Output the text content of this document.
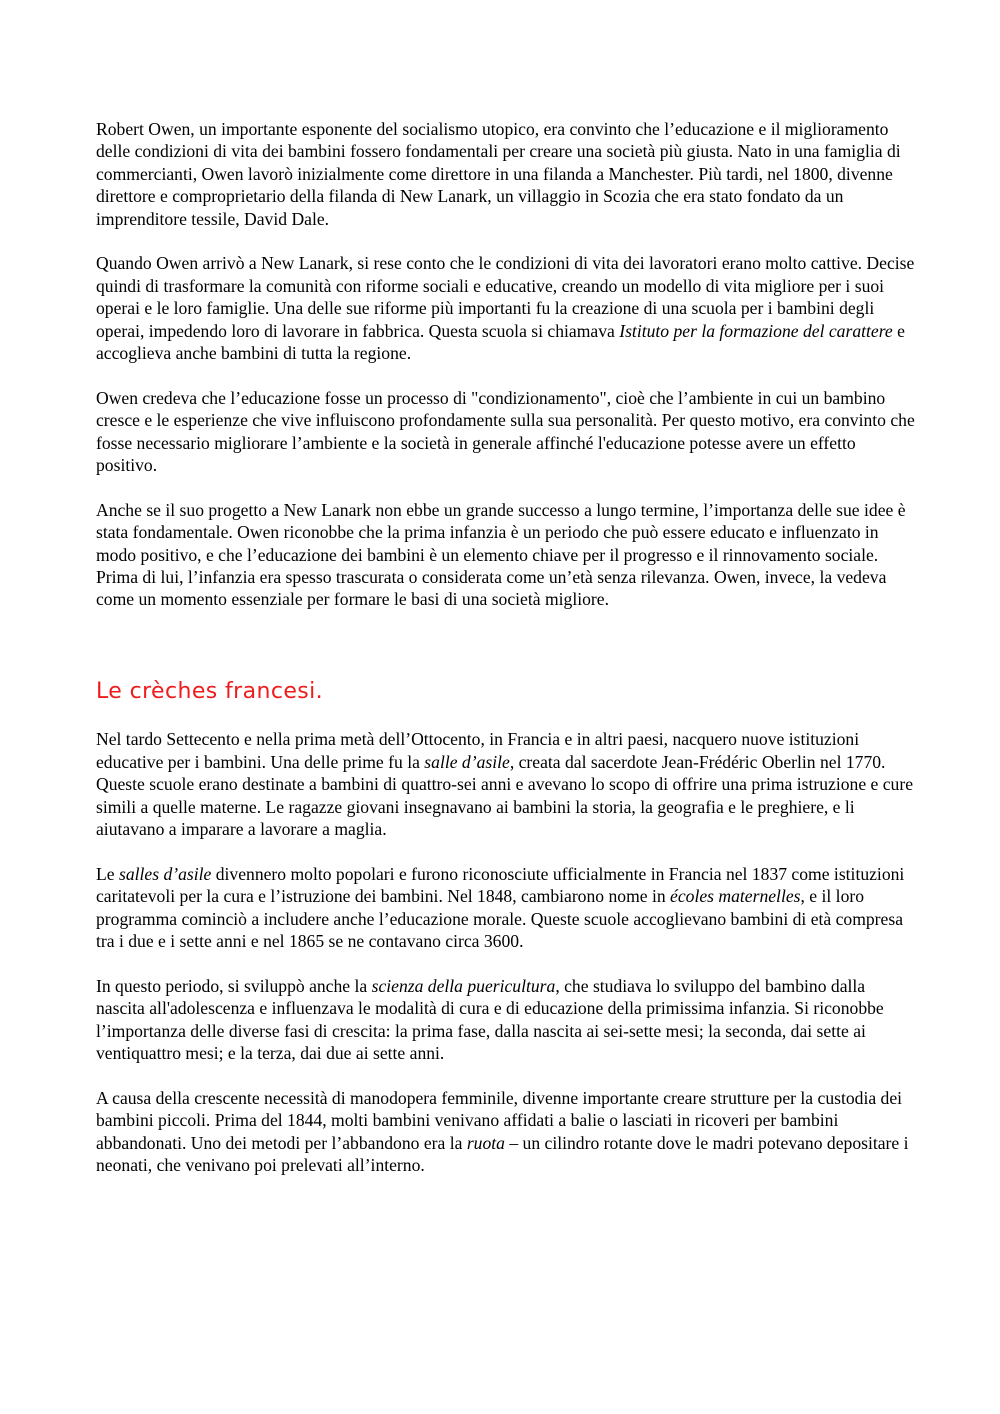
Robert Owen, un importante esponente del socialismo utopico, era convinto che l’educazione e il miglioramento delle condizioni di vita dei bambini fossero fondamentali per creare una società più giusta. Nato in una famiglia di commercianti, Owen lavorò inizialmente come direttore in una filanda a Manchester. Più tardi, nel 1800, divenne direttore e comproprietario della filanda di New Lanark, un villaggio in Scozia che era stato fondato da un imprenditore tessile, David Dale.

Quando Owen arrivò a New Lanark, si rese conto che le condizioni di vita dei lavoratori erano molto cattive. Decise quindi di trasformare la comunità con riforme sociali e educative, creando un modello di vita migliore per i suoi operai e le loro famiglie. Una delle sue riforme più importanti fu la creazione di una scuola per i bambini degli operai, impedendo loro di lavorare in fabbrica. Questa scuola si chiamava Istituto per la formazione del carattere e accoglieva anche bambini di tutta la regione.

Owen credeva che l’educazione fosse un processo di "condizionamento", cioè che l’ambiente in cui un bambino cresce e le esperienze che vive influiscono profondamente sulla sua personalità. Per questo motivo, era convinto che fosse necessario migliorare l’ambiente e la società in generale affinché l'educazione potesse avere un effetto positivo.

Anche se il suo progetto a New Lanark non ebbe un grande successo a lungo termine, l’importanza delle sue idee è stata fondamentale. Owen riconobbe che la prima infanzia è un periodo che può essere educato e influenzato in modo positivo, e che l’educazione dei bambini è un elemento chiave per il progresso e il rinnovamento sociale. Prima di lui, l’infanzia era spesso trascurata o considerata come un’età senza rilevanza. Owen, invece, la vedeva come un momento essenziale per formare le basi di una società migliore.

Le crèches francesi.

Nel tardo Settecento e nella prima metà dell’Ottocento, in Francia e in altri paesi, nacquero nuove istituzioni educative per i bambini. Una delle prime fu la salle d’asile, creata dal sacerdote Jean-Frédéric Oberlin nel 1770. Queste scuole erano destinate a bambini di quattro-sei anni e avevano lo scopo di offrire una prima istruzione e cure simili a quelle materne. Le ragazze giovani insegnavano ai bambini la storia, la geografia e le preghiere, e li aiutavano a imparare a lavorare a maglia.

Le salles d’asile divennero molto popolari e furono riconosciute ufficialmente in Francia nel 1837 come istituzioni caritatevoli per la cura e l’istruzione dei bambini. Nel 1848, cambiarono nome in écoles maternelles, e il loro programma cominciò a includere anche l’educazione morale. Queste scuole accoglievano bambini di età compresa tra i due e i sette anni e nel 1865 se ne contavano circa 3600.

In questo periodo, si sviluppò anche la scienza della puericultura, che studiava lo sviluppo del bambino dalla nascita all'adolescenza e influenzava le modalità di cura e di educazione della primissima infanzia. Si riconobbe l’importanza delle diverse fasi di crescita: la prima fase, dalla nascita ai sei-sette mesi; la seconda, dai sette ai ventiquattro mesi; e la terza, dai due ai sette anni.

A causa della crescente necessità di manodopera femminile, divenne importante creare strutture per la custodia dei bambini piccoli. Prima del 1844, molti bambini venivano affidati a balie o lasciati in ricoveri per bambini abbandonati. Uno dei metodi per l’abbandono era la ruota – un cilindro rotante dove le madri potevano depositare i neonati, che venivano poi prelevati all’interno.
